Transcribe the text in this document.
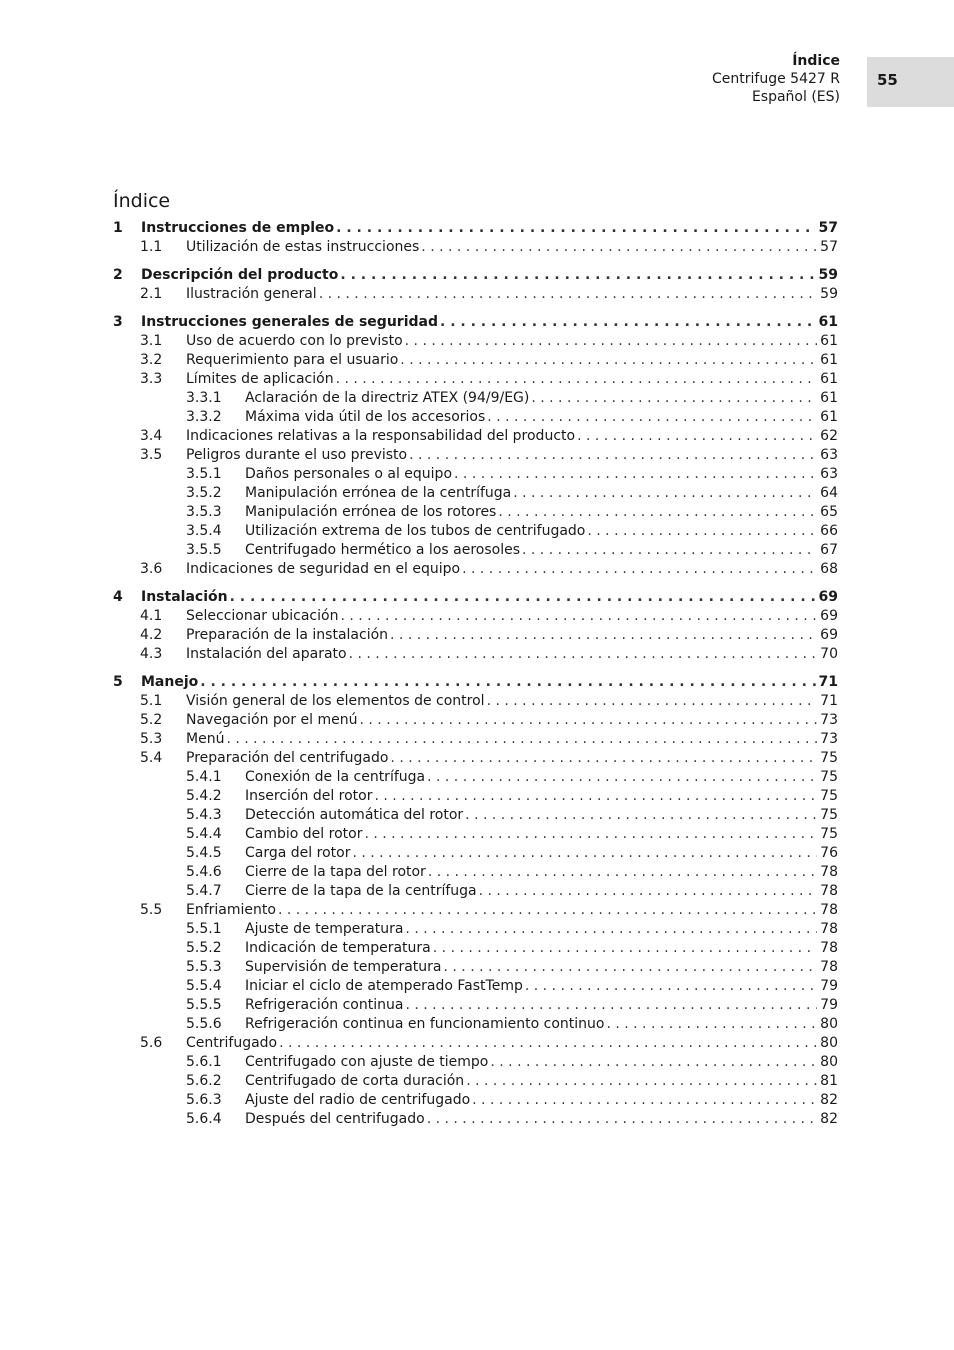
Índice
Centrifuge 5427 R
Español (ES)
55
Índice
1 Instrucciones de empleo . . .	57
1.1 Utilización de estas instrucciones . . .	57
2 Descripción del producto . . .	59
2.1 Ilustración general . . .	59
3 Instrucciones generales de seguridad . . .	61
3.1 Uso de acuerdo con lo previsto . . .	61
3.2 Requerimiento para el usuario . . .	61
3.3 Límites de aplicación . . .	61
3.3.1 Aclaración de la directriz ATEX (94/9/EG) . . .	61
3.3.2 Máxima vida útil de los accesorios . . .	61
3.4 Indicaciones relativas a la responsabilidad del producto . . .	62
3.5 Peligros durante el uso previsto . . .	63
3.5.1 Daños personales o al equipo . . .	63
3.5.2 Manipulación errónea de la centrífuga . . .	64
3.5.3 Manipulación errónea de los rotores . . .	65
3.5.4 Utilización extrema de los tubos de centrifugado . . .	66
3.5.5 Centrifugado hermético a los aerosoles . . .	67
3.6 Indicaciones de seguridad en el equipo . . .	68
4 Instalación . . .	69
4.1 Seleccionar ubicación . . .	69
4.2 Preparación de la instalación . . .	69
4.3 Instalación del aparato . . .	70
5 Manejo . . .	71
5.1 Visión general de los elementos de control . . .	71
5.2 Navegación por el menú . . .	73
5.3 Menú . . .	73
5.4 Preparación del centrifugado . . .	75
5.4.1 Conexión de la centrífuga . . .	75
5.4.2 Inserción del rotor . . .	75
5.4.3 Detección automática del rotor . . .	75
5.4.4 Cambio del rotor . . .	75
5.4.5 Carga del rotor . . .	76
5.4.6 Cierre de la tapa del rotor . . .	78
5.4.7 Cierre de la tapa de la centrífuga . . .	78
5.5 Enfriamiento . . .	78
5.5.1 Ajuste de temperatura . . .	78
5.5.2 Indicación de temperatura . . .	78
5.5.3 Supervisión de temperatura . . .	78
5.5.4 Iniciar el ciclo de atemperado FastTemp . . .	79
5.5.5 Refrigeración continua . . .	79
5.5.6 Refrigeración continua en funcionamiento continuo . . .	80
5.6 Centrifugado . . .	80
5.6.1 Centrifugado con ajuste de tiempo . . .	80
5.6.2 Centrifugado de corta duración . . .	81
5.6.3 Ajuste del radio de centrifugado . . .	82
5.6.4 Después del centrifugado . . .	82
